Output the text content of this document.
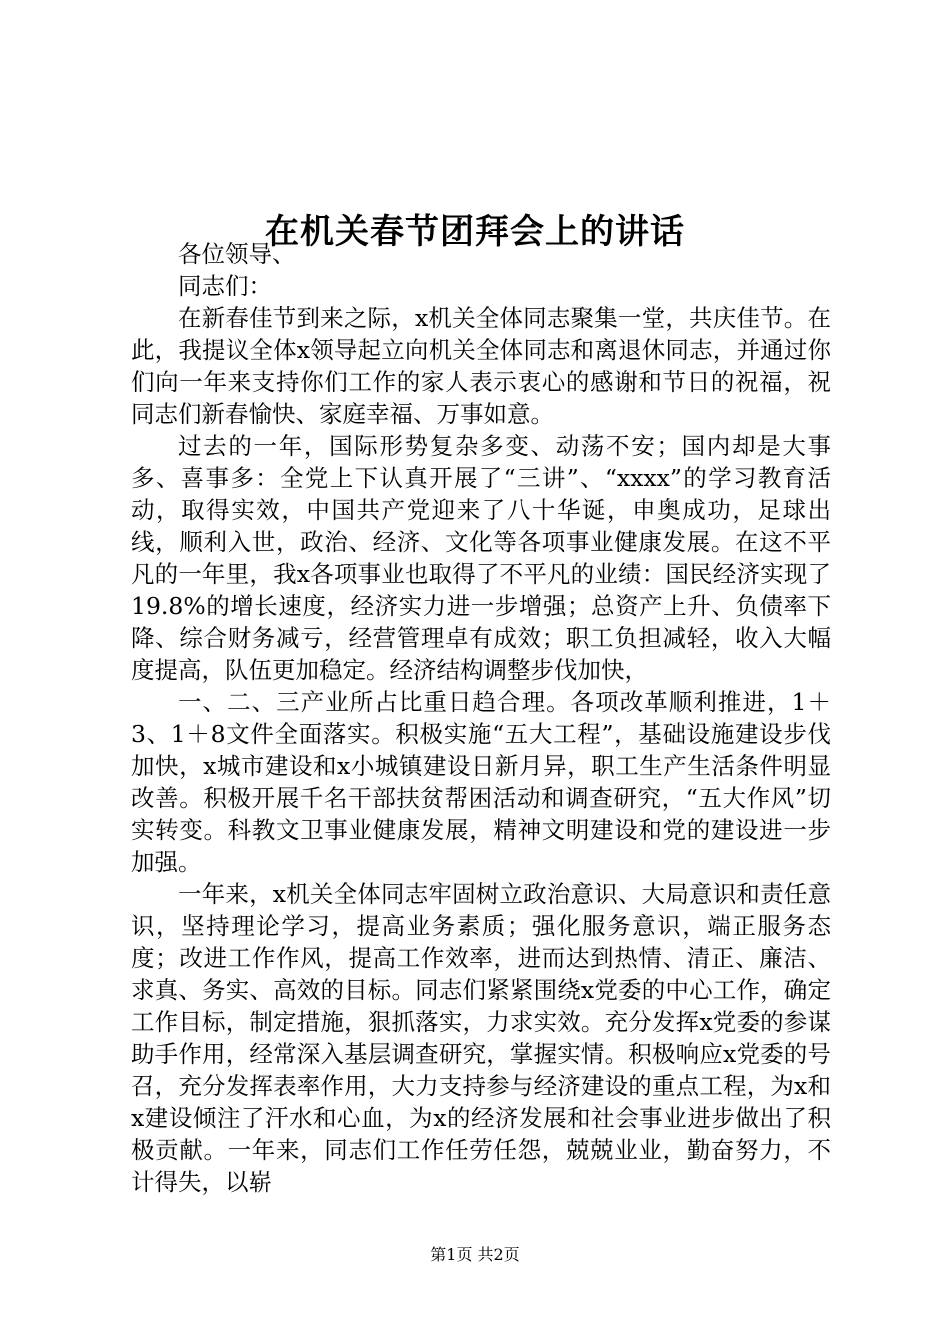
在机关春节团拜会上的讲话

各位领导、

同志们：

在新春佳节到来之际，x机关全体同志聚集一堂，共庆佳节。在此，我提议全体x领导起立向机关全体同志和离退休同志，并通过你们向一年来支持你们工作的家人表示衷心的感谢和节日的祝福，祝同志们新春愉快、家庭幸福、万事如意。

过去的一年，国际形势复杂多变、动荡不安；国内却是大事多、喜事多：全党上下认真开展了“三讲”、“xxxx”的学习教育活动，取得实效，中国共产党迎来了八十华诞，申奥成功，足球出线，顺利入世，政治、经济、文化等各项事业健康发展。在这不平凡的一年里，我x各项事业也取得了不平凡的业绩：国民经济实现了19.8%的增长速度，经济实力进一步增强；总资产上升、负债率下降、综合财务减亏，经营管理卓有成效；职工负担减轻，收入大幅度提高，队伍更加稳定。经济结构调整步伐加快，

一、二、三产业所占比重日趋合理。各项改革顺利推进，1＋3、1＋8文件全面落实。积极实施“五大工程”，基础设施建设步伐加快，x城市建设和x小城镇建设日新月异，职工生产生活条件明显改善。积极开展千名干部扶贫帮困活动和调查研究，“五大作风”切实转变。科教文卫事业健康发展，精神文明建设和党的建设进一步加强。

一年来，x机关全体同志牢固树立政治意识、大局意识和责任意识，坚持理论学习，提高业务素质；强化服务意识，端正服务态度；改进工作作风，提高工作效率，进而达到热情、清正、廉洁、求真、务实、高效的目标。同志们紧紧围绕x党委的中心工作，确定工作目标，制定措施，狠抓落实，力求实效。充分发挥x党委的参谋助手作用，经常深入基层调查研究，掌握实情。积极响应x党委的号召，充分发挥表率作用，大力支持参与经济建设的重点工程，为x和x建设倾注了汗水和心血，为x的经济发展和社会事业进步做出了积极贡献。一年来，同志们工作任劳任怨，兢兢业业，勤奋努力，不计得失，以崭

第1页 共2页
